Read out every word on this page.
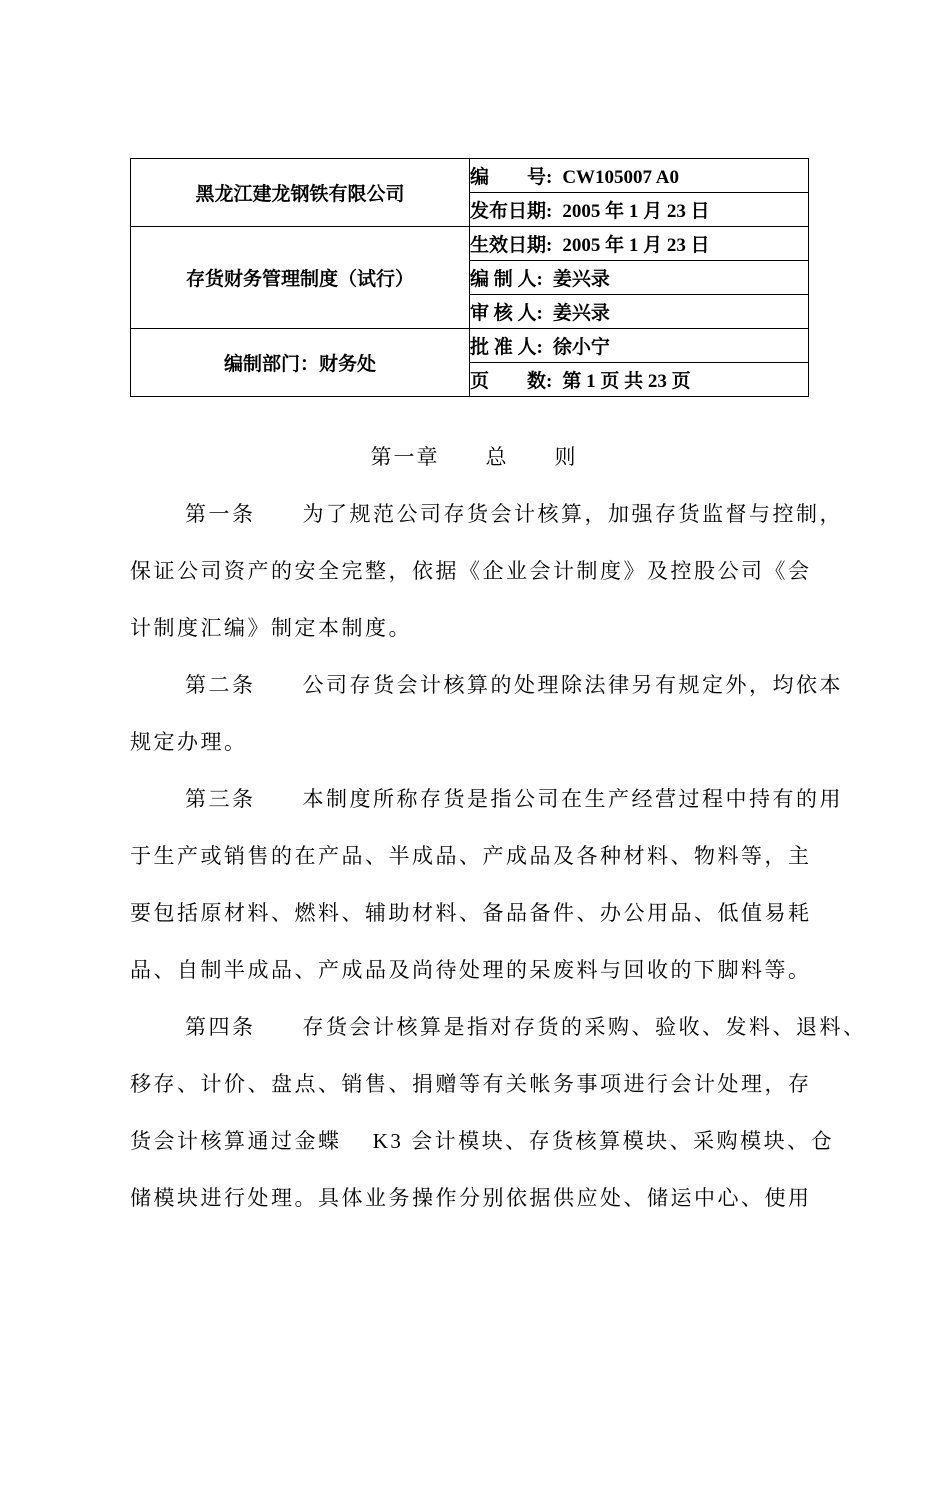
黑龙江建龙钢铁有限公司	编　　号: CW105007 A0
	发布日期: 2005 年 1 月 23 日
存货财务管理制度（试行）	生效日期: 2005 年 1 月 23 日
	编 制 人: 姜兴录
	审 核 人: 姜兴录
编制部门：财务处	批 准 人: 徐小宁
	页　　数: 第 1 页 共 23 页
第一章　　总　　则
第一条　　为了规范公司存货会计核算，加强存货监督与控制，
保证公司资产的安全完整，依据《企业会计制度》及控股公司《会
计制度汇编》制定本制度。
第二条　　公司存货会计核算的处理除法律另有规定外，均依本
规定办理。
第三条　　本制度所称存货是指公司在生产经营过程中持有的用
于生产或销售的在产品、半成品、产成品及各种材料、物料等，主
要包括原材料、燃料、辅助材料、备品备件、办公用品、低值易耗
品、自制半成品、产成品及尚待处理的呆废料与回收的下脚料等。
第四条　　存货会计核算是指对存货的采购、验收、发料、退料、
移存、计价、盘点、销售、捐赠等有关帐务事项进行会计处理，存
货会计核算通过金蝶　 K3 会计模块、存货核算模块、采购模块、仓
储模块进行处理。具体业务操作分别依据供应处、储运中心、使用
